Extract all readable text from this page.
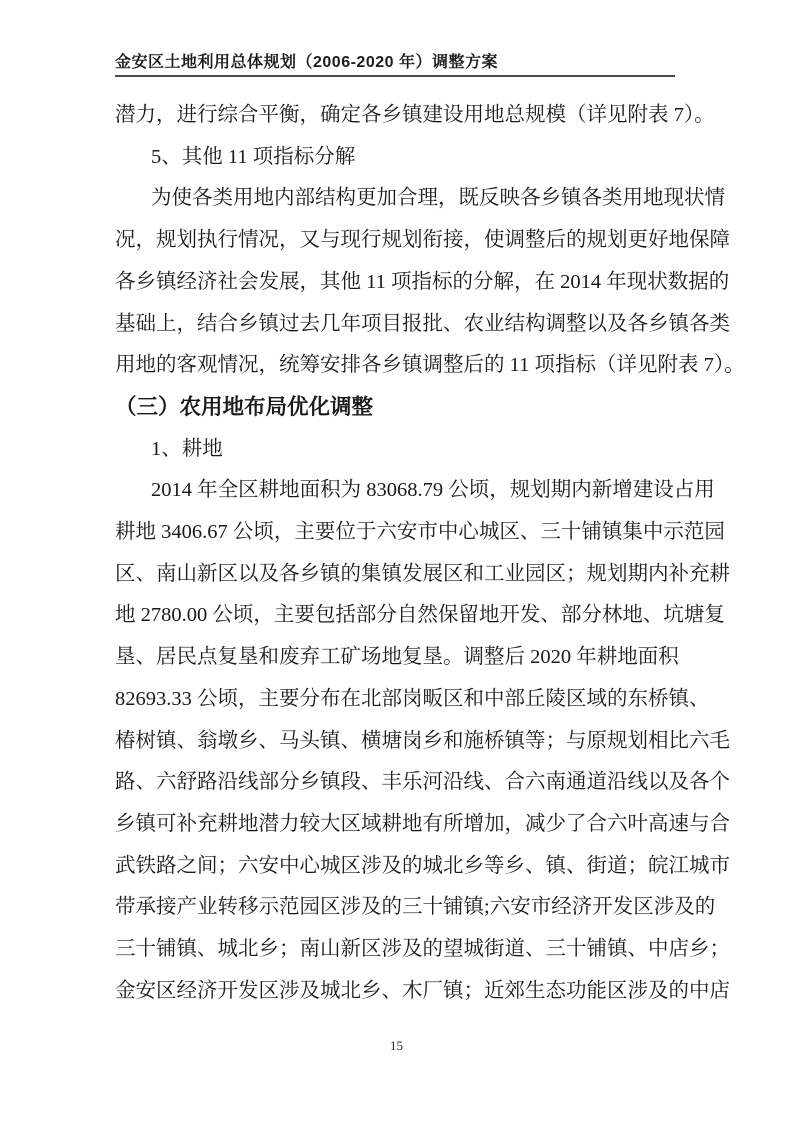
金安区土地利用总体规划（2006-2020 年）调整方案
潜力，进行综合平衡，确定各乡镇建设用地总规模（详见附表 7）。
5、其他 11 项指标分解
为使各类用地内部结构更加合理，既反映各乡镇各类用地现状情
况，规划执行情况，又与现行规划衔接，使调整后的规划更好地保障
各乡镇经济社会发展，其他 11 项指标的分解，在 2014 年现状数据的
基础上，结合乡镇过去几年项目报批、农业结构调整以及各乡镇各类
用地的客观情况，统筹安排各乡镇调整后的 11 项指标（详见附表 7）。
（三）农用地布局优化调整
1、耕地
2014 年全区耕地面积为 83068.79 公顷，规划期内新增建设占用
耕地 3406.67 公顷，主要位于六安市中心城区、三十铺镇集中示范园
区、南山新区以及各乡镇的集镇发展区和工业园区；规划期内补充耕
地 2780.00 公顷，主要包括部分自然保留地开发、部分林地、坑塘复
垦、居民点复垦和废弃工矿场地复垦。调整后 2020 年耕地面积
82693.33 公顷，主要分布在北部岗畈区和中部丘陵区域的东桥镇、
椿树镇、翁墩乡、马头镇、横塘岗乡和施桥镇等；与原规划相比六毛
路、六舒路沿线部分乡镇段、丰乐河沿线、合六南通道沿线以及各个
乡镇可补充耕地潜力较大区域耕地有所增加，减少了合六叶高速与合
武铁路之间；六安中心城区涉及的城北乡等乡、镇、街道；皖江城市
带承接产业转移示范园区涉及的三十铺镇;六安市经济开发区涉及的
三十铺镇、城北乡；南山新区涉及的望城街道、三十铺镇、中店乡；
金安区经济开发区涉及城北乡、木厂镇；近郊生态功能区涉及的中店
15
